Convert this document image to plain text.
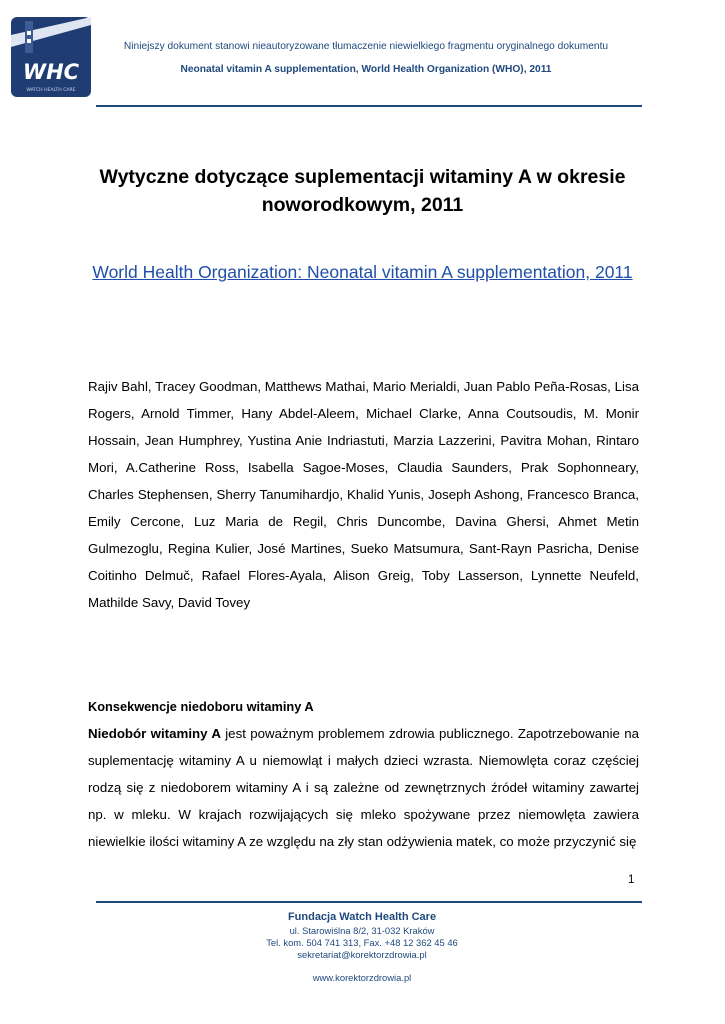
WHC
WATCH HEALTH CARE
Niniejszy dokument stanowi nieautoryzowane tłumaczenie niewielkiego fragmentu oryginalnego dokumentu
Neonatal vitamin A supplementation, World Health Organization (WHO), 2011
Wytyczne dotyczące suplementacji witaminy A w okresie noworodkowym, 2011
World Health Organization: Neonatal vitamin A supplementation, 2011
Rajiv Bahl, Tracey Goodman, Matthews Mathai, Mario Merialdi, Juan Pablo Peña-Rosas, Lisa Rogers, Arnold Timmer, Hany Abdel-Aleem, Michael Clarke, Anna Coutsoudis, M. Monir Hossain, Jean Humphrey, Yustina Anie Indriastuti, Marzia Lazzerini, Pavitra Mohan, Rintaro Mori, A.Catherine Ross, Isabella Sagoe-Moses, Claudia Saunders, Prak Sophonneary, Charles Stephensen, Sherry Tanumihardjo, Khalid Yunis, Joseph Ashong, Francesco Branca, Emily Cercone, Luz Maria de Regil, Chris Duncombe, Davina Ghersi, Ahmet Metin Gulmezoglu, Regina Kulier, José Martines, Sueko Matsumura, Sant-Rayn Pasricha, Denise Coitinho Delmuč, Rafael Flores-Ayala, Alison Greig, Toby Lasserson, Lynnette Neufeld, Mathilde Savy, David Tovey
Konsekwencje niedoboru witaminy A
Niedobór witaminy A jest poważnym problemem zdrowia publicznego. Zapotrzebowanie na suplementację witaminy A u niemowląt i małych dzieci wzrasta. Niemowlęta coraz częściej rodzą się z niedoborem witaminy A i są zależne od zewnętrznych źródeł witaminy zawartej np. w mleku. W krajach rozwijających się mleko spożywane przez niemowlęta zawiera niewielkie ilości witaminy A ze względu na zły stan odżywienia matek, co może przyczynić się
1
Fundacja Watch Health Care
ul. Starowiślna 8/2, 31-032 Kraków
Tel. kom. 504 741 313, Fax. +48 12 362 45 46
sekretariat@korektorzdrowia.pl
www.korektorzdrowia.pl
